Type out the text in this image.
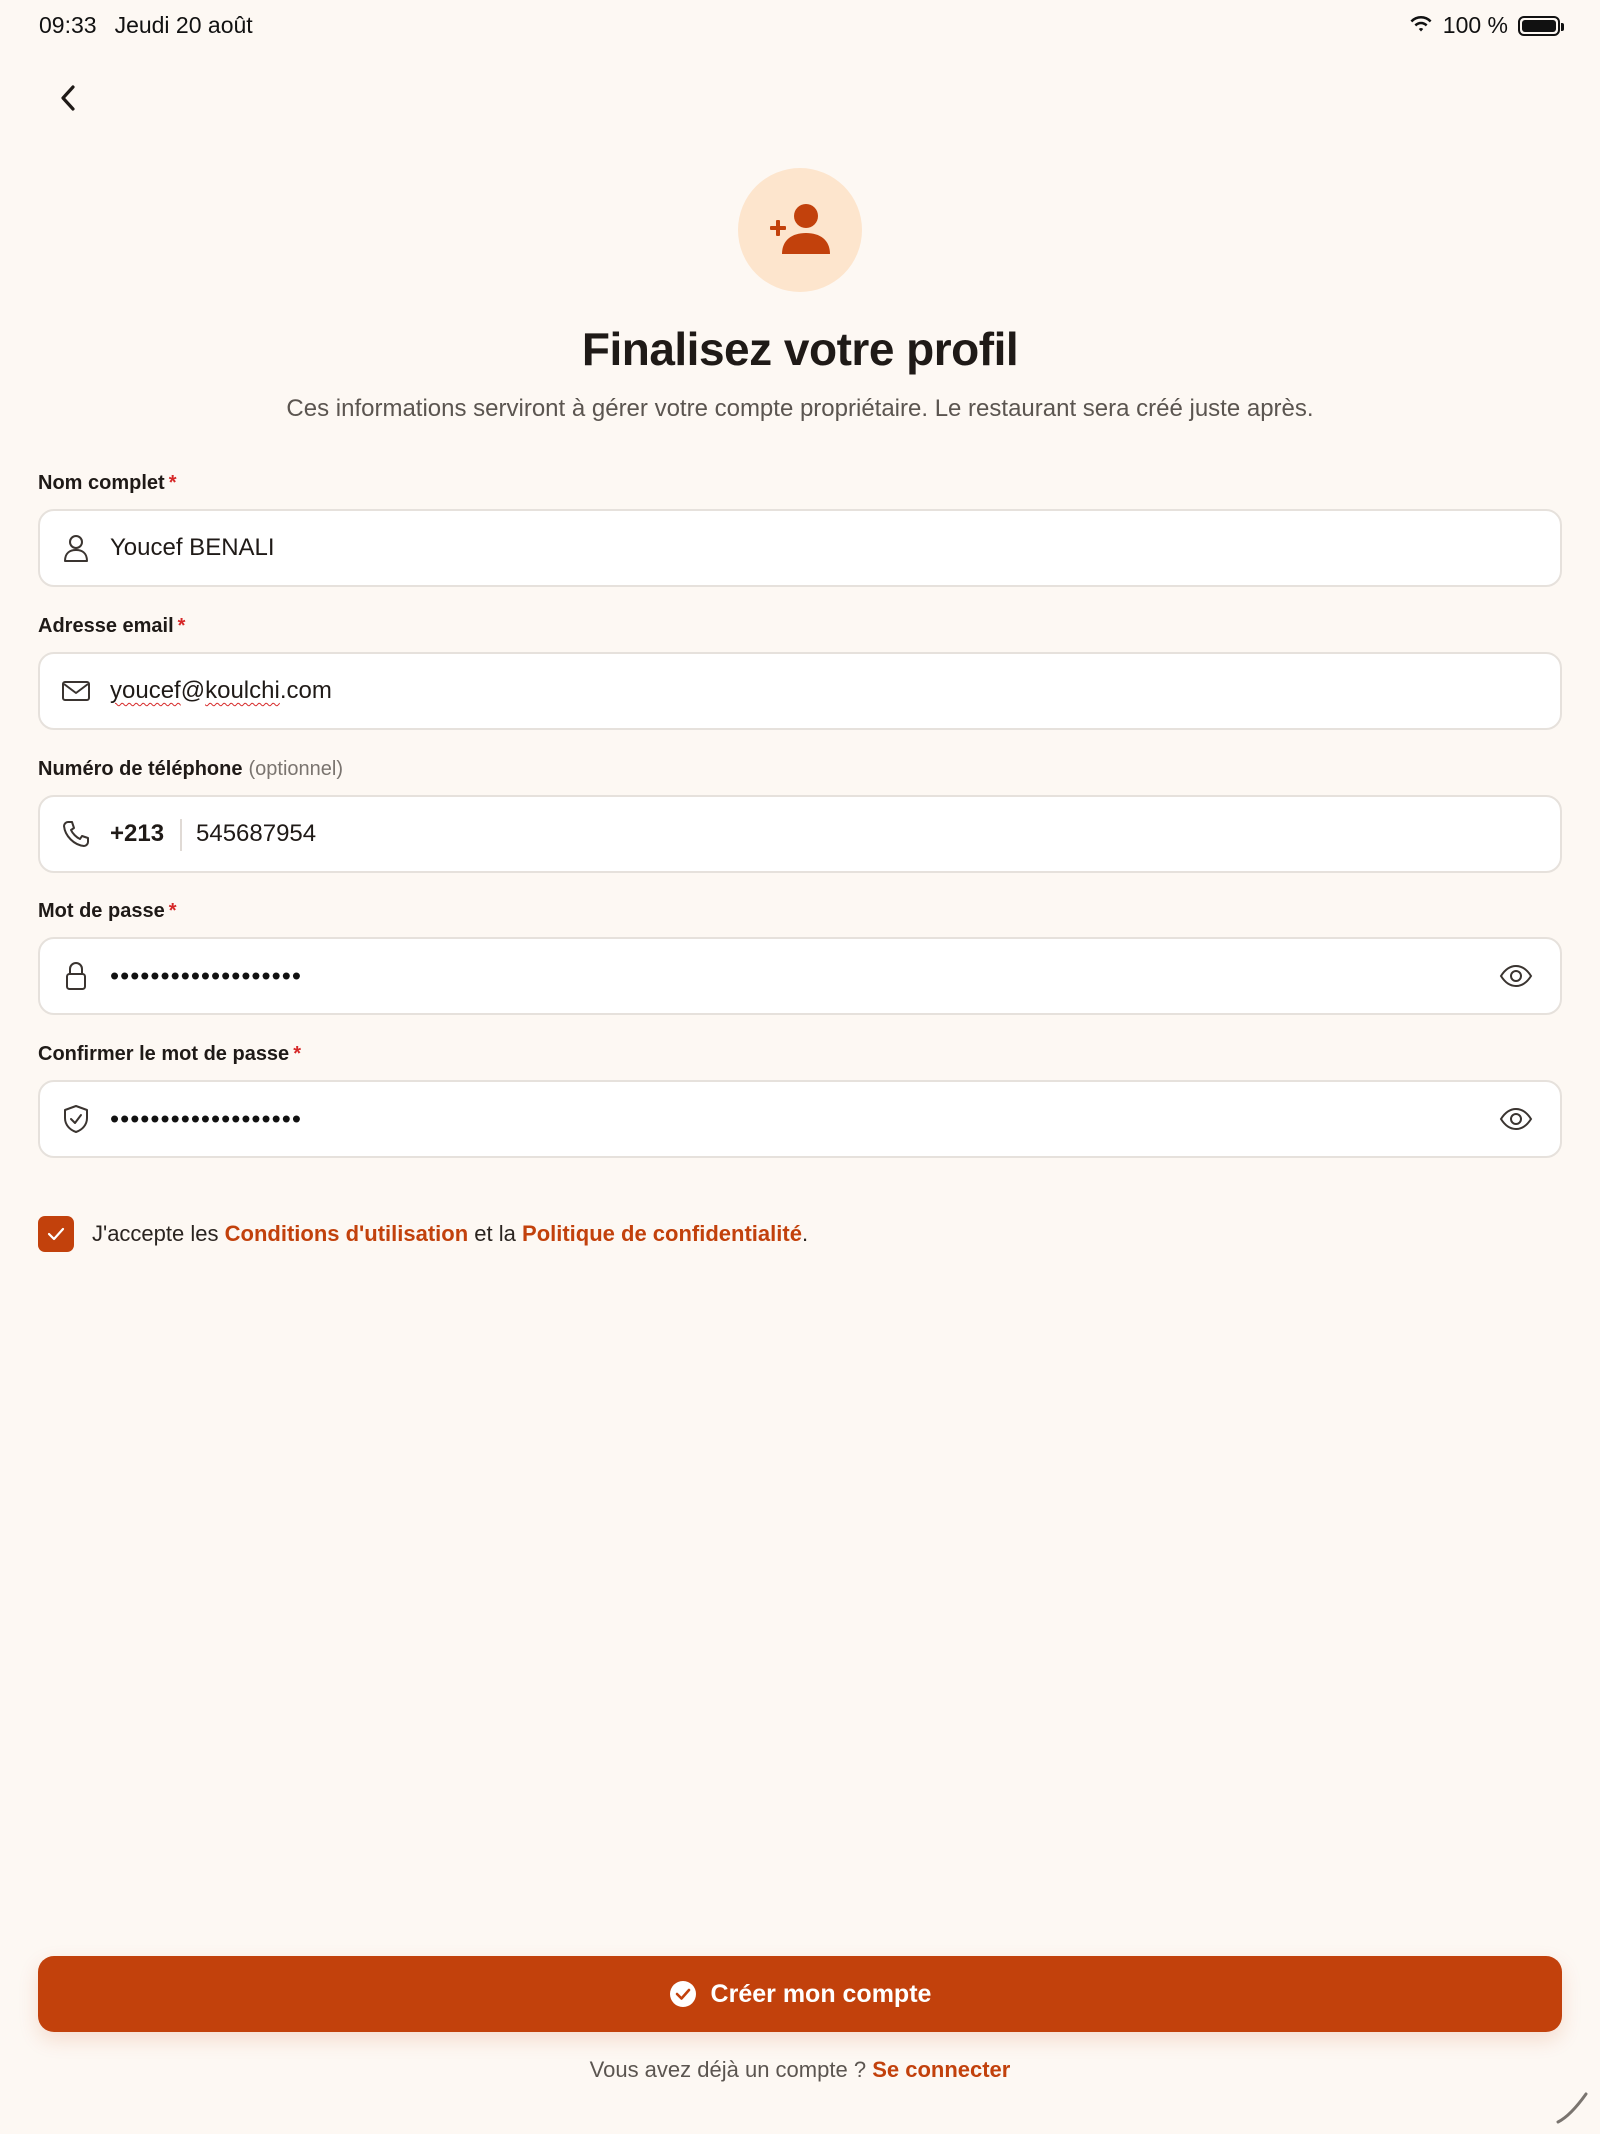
09:33 Jeudi 20 août	100 %
Finalisez votre profil

Ces informations serviront à gérer votre compte propriétaire. Le restaurant sera créé juste après.

Nom complet *
Youcef BENALI
Adresse email *
youcef@koulchi.com
Numéro de téléphone (optionnel)
+213 545687954
Mot de passe *
•••••••••••••••••••
Confirmer le mot de passe *
•••••••••••••••••••
J'accepte les Conditions d'utilisation et la Politique de confidentialité.
Créer mon compte
Vous avez déjà un compte ? Se connecter
